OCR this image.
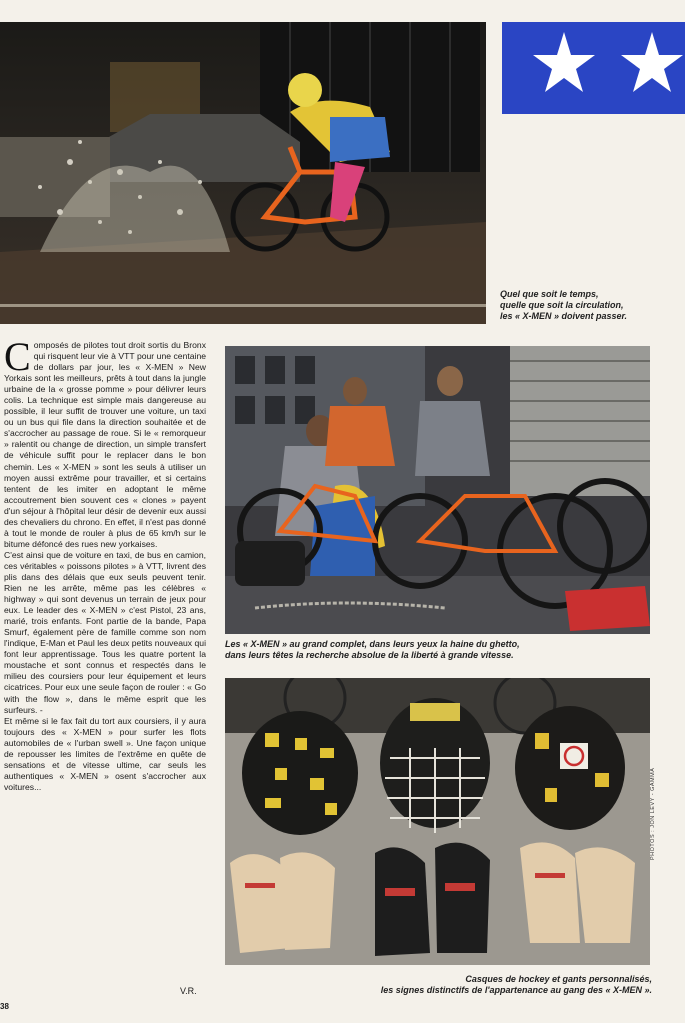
Quel que soit le temps,
quelle que soit la circulation,
les « X-MEN » doivent passer.

Composés de pilotes tout droit sortis du Bronx qui risquent leur vie à VTT pour une centaine de dollars par jour, les « X-MEN » New Yorkais sont les meilleurs, prêts à tout dans la jungle urbaine de la « grosse pomme » pour délivrer leurs colis. La technique est simple mais dangereuse au possible, il leur suffit de trouver une voiture, un taxi ou un bus qui file dans la direction souhaitée et de s'accrocher au passage de roue. Si le « remorqueur » ralentit ou change de direction, un simple transfert de véhicule suffit pour le replacer dans le bon chemin. Les « X-MEN » sont les seuls à utiliser un moyen aussi extrême pour travailler, et si certains tentent de les imiter en adoptant le même accoutrement bien souvent ces « clones » payent d'un séjour à l'hôpital leur désir de devenir eux aussi des chevaliers du chrono. En effet, il n'est pas donné à tout le monde de rouler à plus de 65 km/h sur le bitume défoncé des rues new yorkaises.

C'est ainsi que de voiture en taxi, de bus en camion, ces véritables « poissons pilotes » à VTT, livrent des plis dans des délais que eux seuls peuvent tenir. Rien ne les arrête, même pas les célèbres « highway » qui sont devenus un terrain de jeux pour eux. Le leader des « X-MEN » c'est Pistol, 23 ans, marié, trois enfants. Font partie de la bande, Papa Smurf, également père de famille comme son nom l'indique, E-Man et Paul les deux petits nouveaux qui font leur apprentissage. Tous les quatre portent la moustache et sont connus et respectés dans le milieu des coursiers pour leur équipement et leurs cicatrices. Pour eux une seule façon de rouler : « Go with the flow », dans le même esprit que les surfeurs. -

Et même si le fax fait du tort aux coursiers, il y aura toujours des « X-MEN » pour surfer les flots automobiles de « l'urban swell ». Une façon unique de repousser les limites de l'extrême en quête de sensations et de vitesse ultime, car seuls les authentiques « X-MEN » osent s'accrocher aux voitures...

V.R.
38
Les « X-MEN » au grand complet, dans leurs yeux la haine du ghetto,
dans leurs têtes la recherche absolue de la liberté à grande vitesse.
Casques de hockey et gants personnalisés,
les signes distinctifs de l'appartenance au gang des « X-MEN ».
PHOTOS : JON LEVY - GAMMA
